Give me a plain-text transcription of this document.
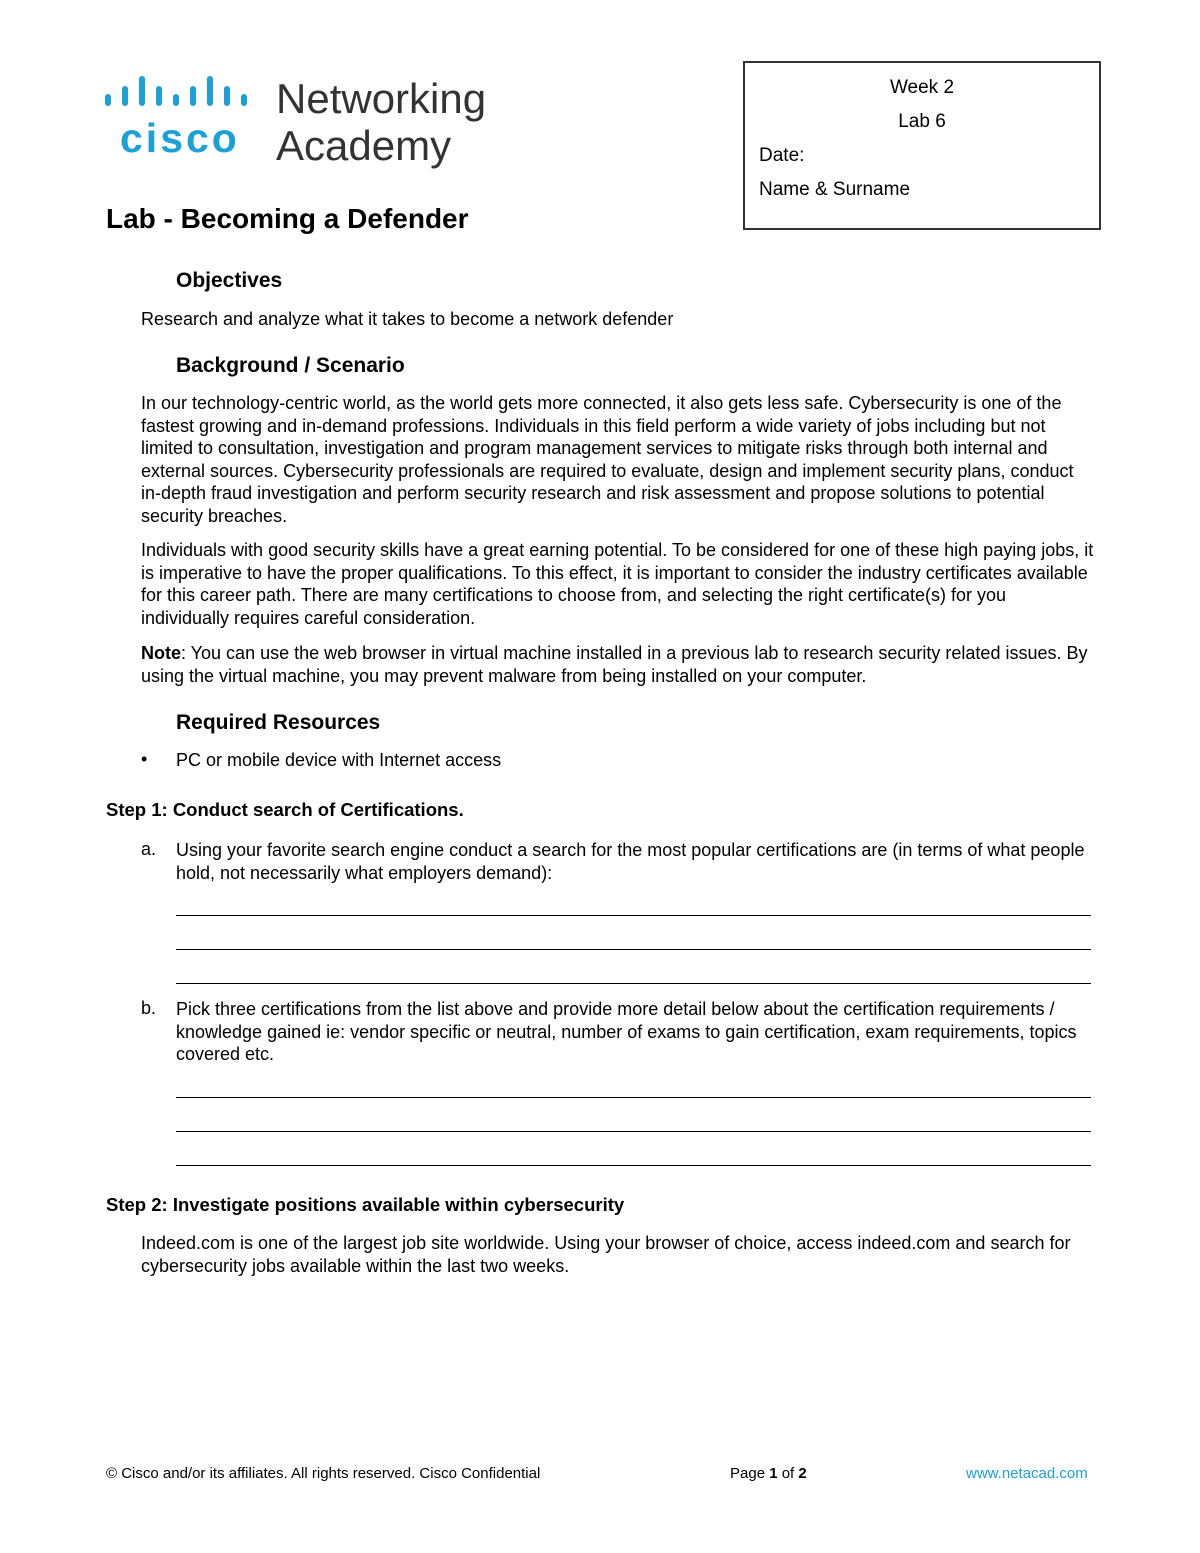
cisco
Networking
Academy
Week 2
Lab 6
Date:
Name & Surname
Lab - Becoming a Defender
Objectives
Research and analyze what it takes to become a network defender
Background / Scenario

In our technology-centric world, as the world gets more connected, it also gets less safe. Cybersecurity is one of the fastest growing and in-demand professions. Individuals in this field perform a wide variety of jobs including but not limited to consultation, investigation and program management services to mitigate risks through both internal and external sources. Cybersecurity professionals are required to evaluate, design and implement security plans, conduct in-depth fraud investigation and perform security research and risk assessment and propose solutions to potential security breaches.

Individuals with good security skills have a great earning potential. To be considered for one of these high paying jobs, it is imperative to have the proper qualifications. To this effect, it is important to consider the industry certificates available for this career path. There are many certifications to choose from, and selecting the right certificate(s) for you individually requires careful consideration.

Note: You can use the web browser in virtual machine installed in a previous lab to research security related issues. By using the virtual machine, you may prevent malware from being installed on your computer.

Required Resources
• PC or mobile device with Internet access
Step 1: Conduct search of Certifications.
a. Using your favorite search engine conduct a search for the most popular certifications are (in terms of what people hold, not necessarily what employers demand):
b. Pick three certifications from the list above and provide more detail below about the certification requirements / knowledge gained ie: vendor specific or neutral, number of exams to gain certification, exam requirements, topics covered etc.
Step 2: Investigate positions available within cybersecurity
Indeed.com is one of the largest job site worldwide. Using your browser of choice, access indeed.com and search for cybersecurity jobs available within the last two weeks.
© Cisco and/or its affiliates. All rights reserved. Cisco Confidential	Page 1 of 2	www.netacad.com
